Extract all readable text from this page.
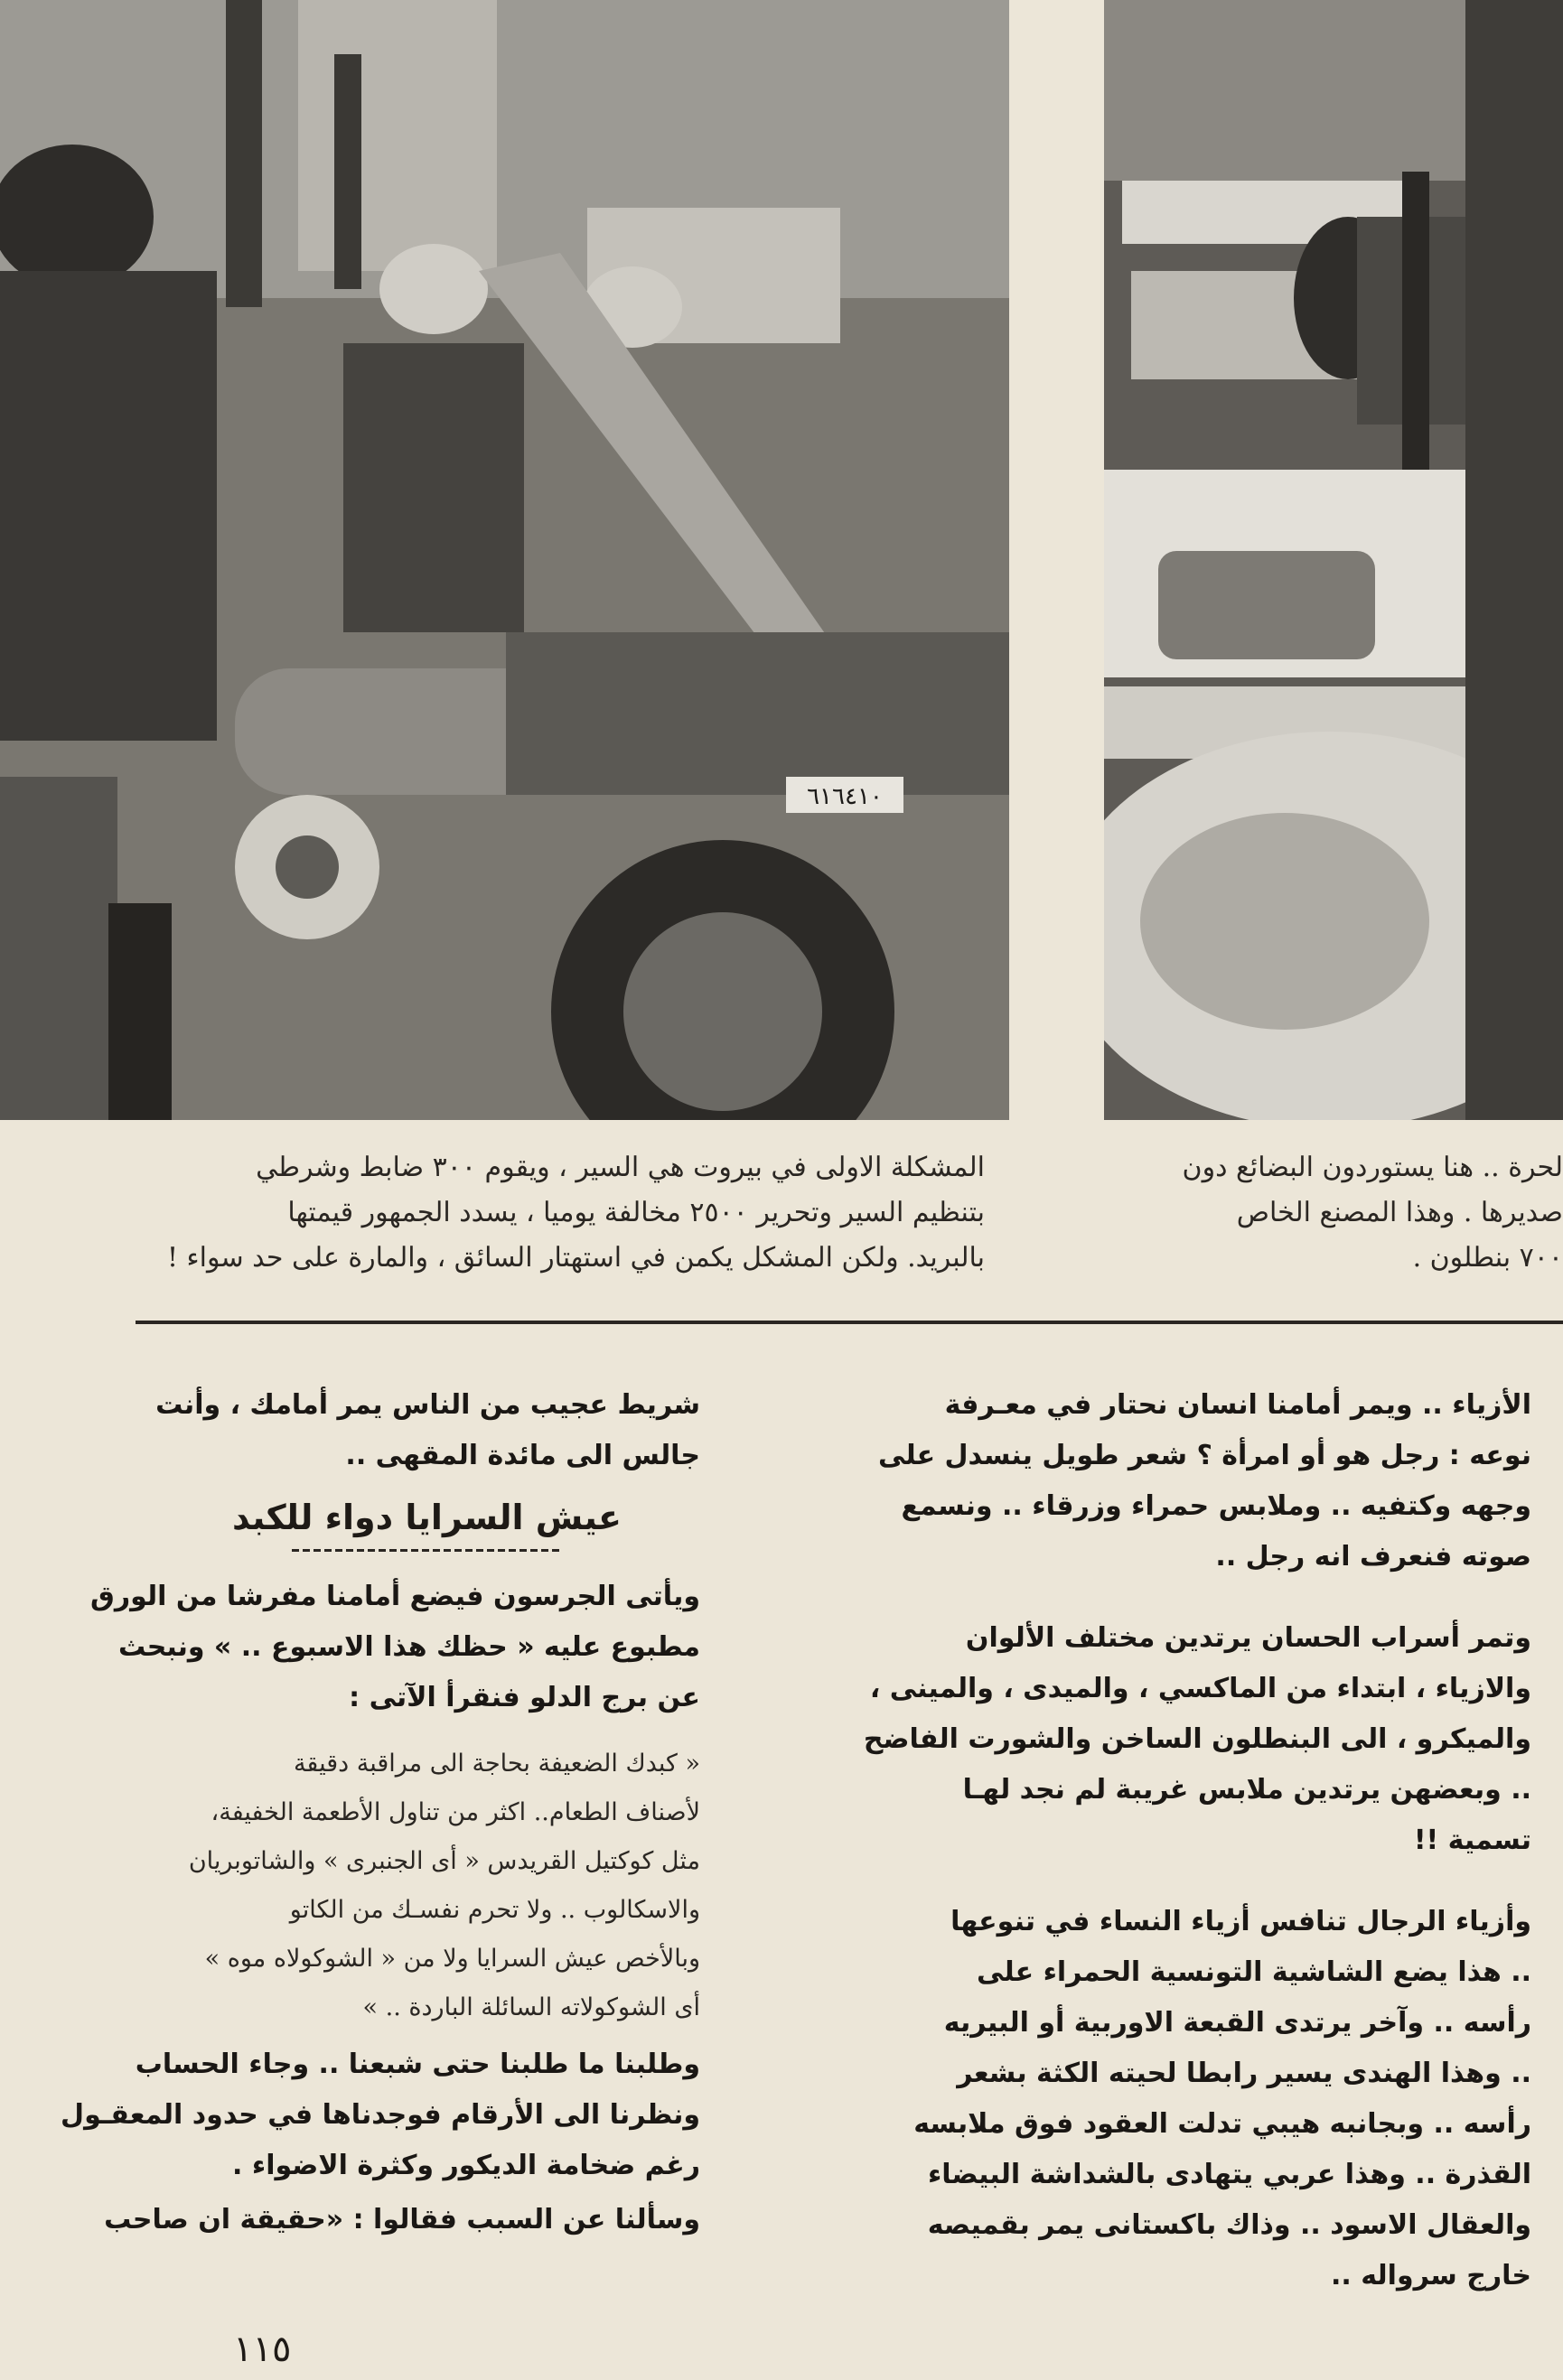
٦١٦٤١٠

المشكلة الاولى في بيروت هي السير ، ويقوم ٣٠٠ ضابط وشرطي

بتنظيم السير وتحرير ٢٥٠٠ مخالفة يوميا ، يسدد الجمهور قيمتها

بالبريد. ولكن المشكل يكمن في استهتار السائق ، والمارة على حد سواء !

لحرة .. هنا يستوردون البضائع دون

صديرها . وهذا المصنع الخاص

٧٠٠ بنطلون .

الأزياء .. ويمر أمامنا انسان نحتار في معـرفة

نوعه : رجل هو أو امرأة ؟ شعر طويل ينسدل على

وجهه وكتفيه .. وملابس حمراء وزرقاء .. ونسمع

صوته فنعرف انه رجل ..

وتمر أسراب الحسان يرتدين مختلف الألوان

والازياء ، ابتداء من الماكسي ، والميدى ، والمينى ،

والميكرو ، الى البنطلون الساخن والشورت الفاضح

.. وبعضهن يرتدين ملابس غريبة لم نجد لهـا

تسمية !!

وأزياء الرجال تنافس أزياء النساء في تنوعها

.. هذا يضع الشاشية التونسية الحمراء على

رأسه .. وآخر يرتدى القبعة الاوربية أو البيريه

.. وهذا الهندى يسير رابطا لحيته الكثة بشعر

رأسه .. وبجانبه هيبي تدلت العقود فوق ملابسه

القذرة .. وهذا عربي يتهادى بالشداشة البيضاء

والعقال الاسود .. وذاك باكستانى يمر بقميصه

خارج سرواله ..

شريط عجيب من الناس يمر أمامك ، وأنت

جالس الى مائدة المقهى ..

عيش السرايا دواء للكبد

ويأتى الجرسون فيضع أمامنا مفرشا من الورق

مطبوع عليه « حظك هذا الاسبوع .. » ونبحث

عن برج الدلو فنقرأ الآتى :

« كبدك الضعيفة بحاجة الى مراقبة دقيقة

لأصناف الطعام.. اكثر من تناول الأطعمة الخفيفة،

مثل كوكتيل القريدس « أى الجنبرى » والشاتوبريان

والاسكالوب .. ولا تحرم نفسـك من الكاتو

وبالأخص عيش السرايا ولا من « الشوكولاه موه »

أى الشوكولاته السائلة الباردة .. »

وطلبنا ما طلبنا حتى شبعنا .. وجاء الحساب

ونظرنا الى الأرقام فوجدناها في حدود المعقـول

رغم ضخامة الديكور وكثرة الاضواء .

وسألنا عن السبب فقالوا : «حقيقة ان صاحب

١١٥
